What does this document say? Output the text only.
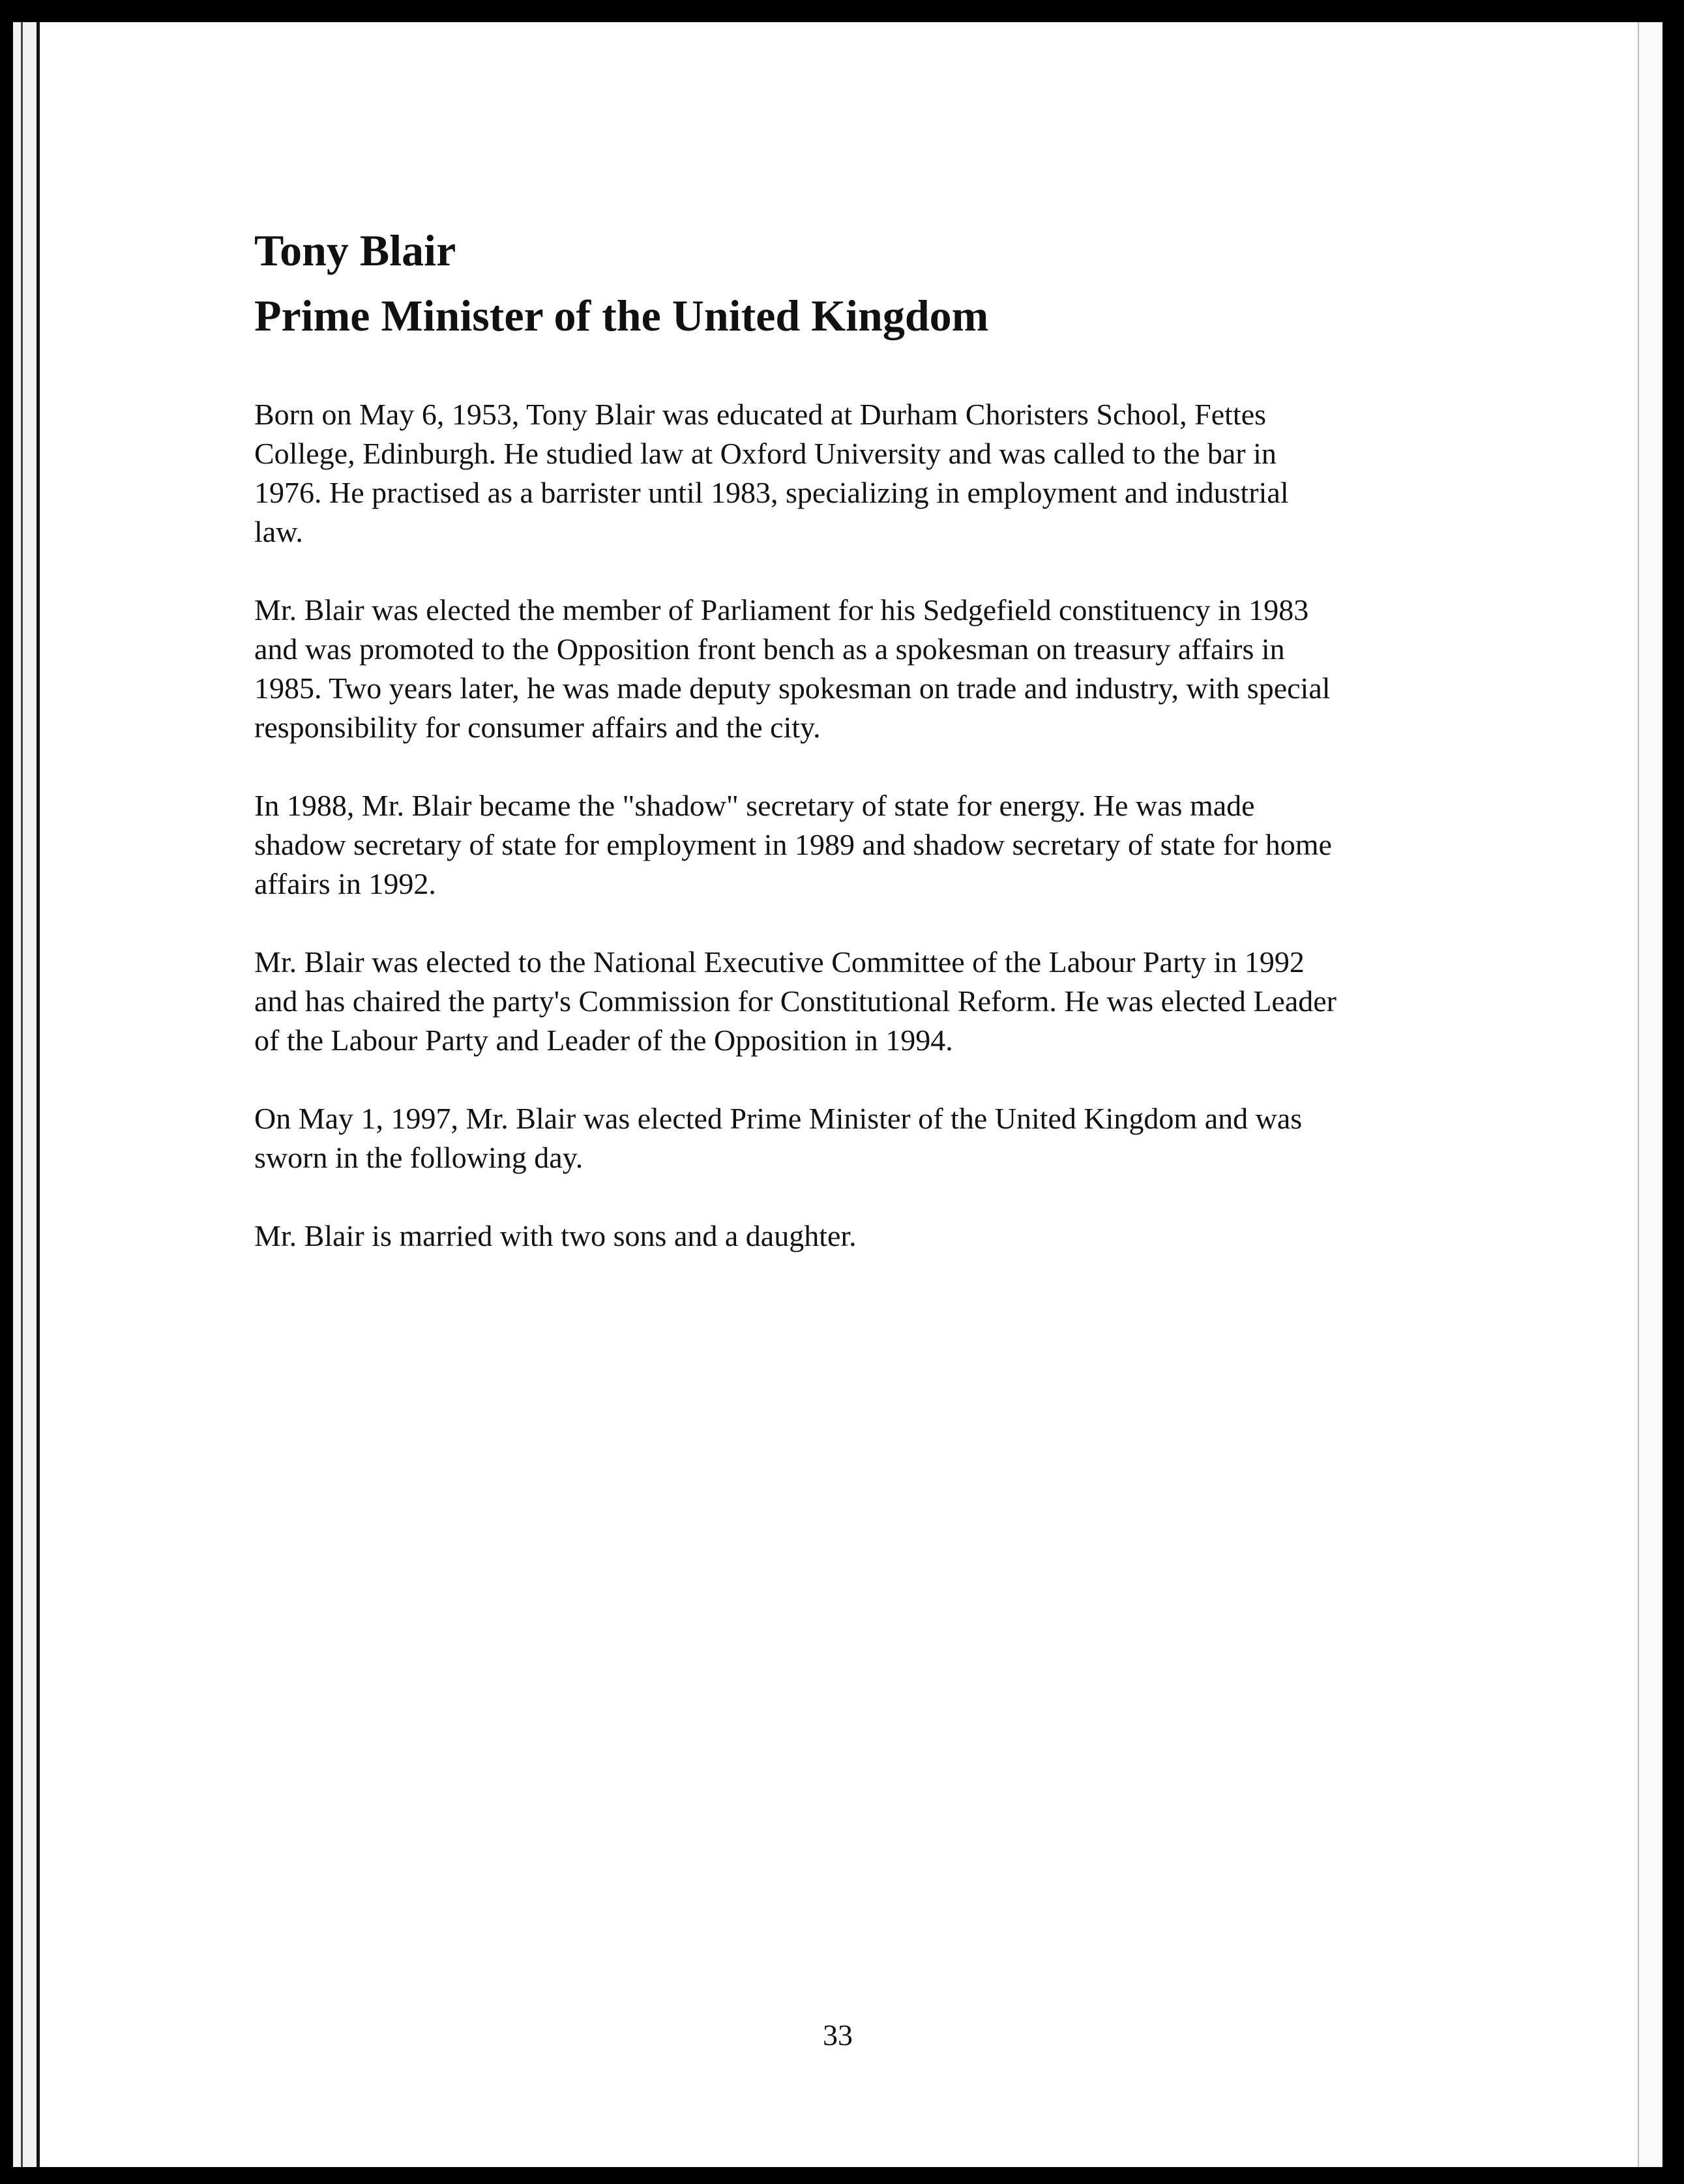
Tony Blair
Prime Minister of the United Kingdom

Born on May 6, 1953, Tony Blair was educated at Durham Choristers School, Fettes College, Edinburgh. He studied law at Oxford University and was called to the bar in 1976. He practised as a barrister until 1983, specializing in employment and industrial law.

Mr. Blair was elected the member of Parliament for his Sedgefield constituency in 1983 and was promoted to the Opposition front bench as a spokesman on treasury affairs in 1985. Two years later, he was made deputy spokesman on trade and industry, with special responsibility for consumer affairs and the city.

In 1988, Mr. Blair became the "shadow" secretary of state for energy. He was made shadow secretary of state for employment in 1989 and shadow secretary of state for home affairs in 1992.

Mr. Blair was elected to the National Executive Committee of the Labour Party in 1992 and has chaired the party's Commission for Constitutional Reform. He was elected Leader of the Labour Party and Leader of the Opposition in 1994.

On May 1, 1997, Mr. Blair was elected Prime Minister of the United Kingdom and was sworn in the following day.

Mr. Blair is married with two sons and a daughter.

33
